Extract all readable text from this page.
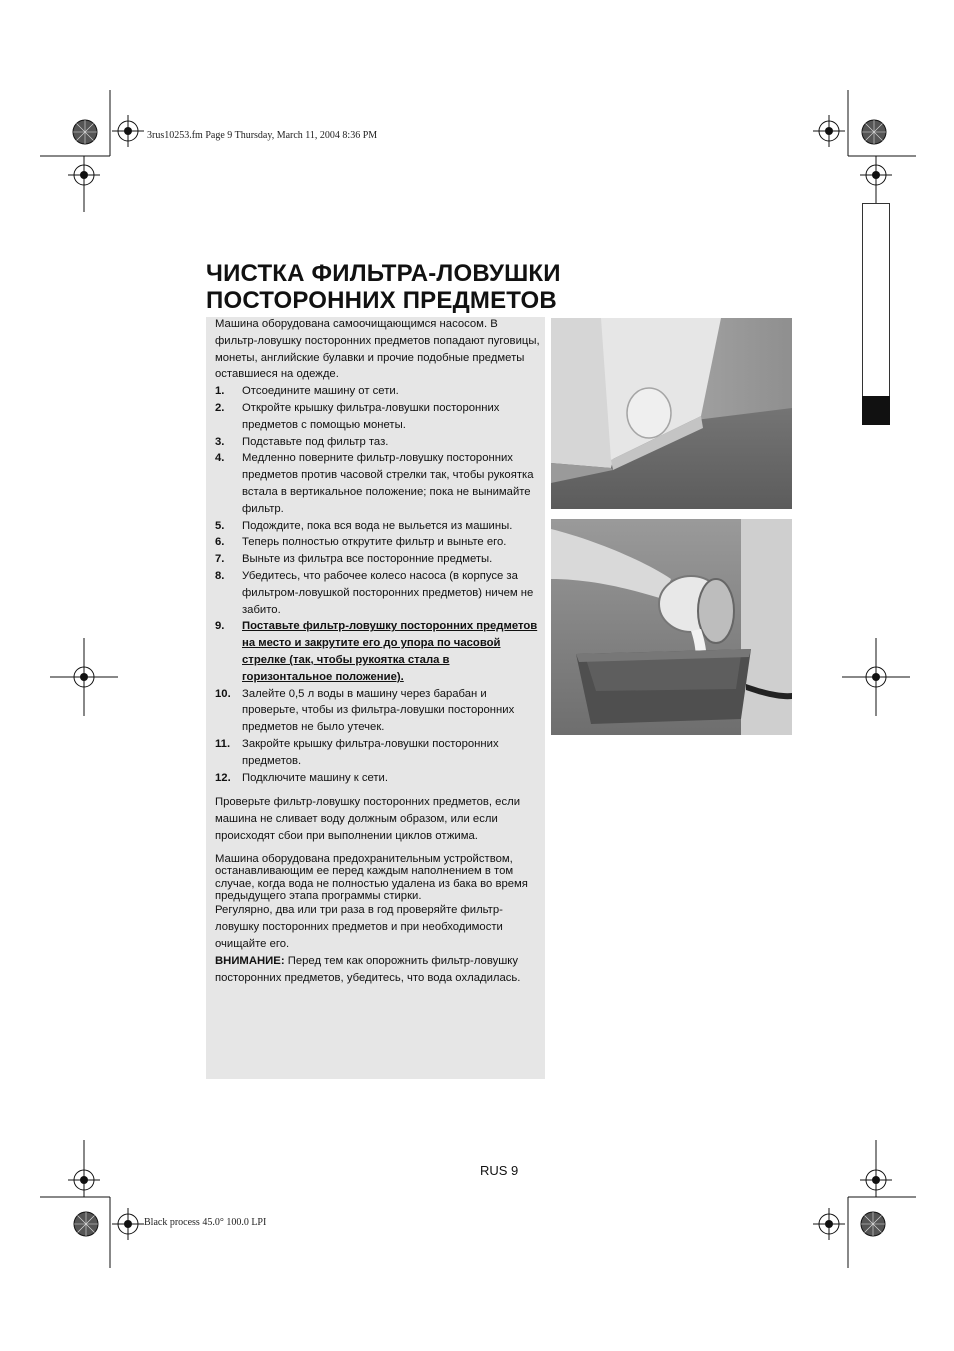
3rus10253.fm Page 9 Thursday, March 11, 2004 8:36 PM
Black process 45.0° 100.0 LPI
ЧИСТКА ФИЛЬТРА-ЛОВУШКИ
ПОСТОРОННИХ ПРЕДМЕТОВ

Машина оборудована самоочищающимся насосом. В фильтр-ловушку посторонних предметов попадают пуговицы, монеты, английские булавки и прочие подобные предметы оставшиеся на одежде.

1.	Отсоедините машину от сети.
2.	Откройте крышку фильтра-ловушки посторонних предметов с помощью монеты.
3.	Подставьте под фильтр таз.
4.	Медленно поверните фильтр-ловушку посторонних предметов против часовой стрелки так, чтобы рукоятка встала в вертикальное положение; пока не вынимайте фильтр.
5.	Подождите, пока вся вода не выльется из машины.
6.	Теперь полностью открутите фильтр и выньте его.
7.	Выньте из фильтра все посторонние предметы.
8.	Убедитесь, что рабочее колесо насоса (в корпусе за фильтром-ловушкой посторонних предметов) ничем не забито.
9.	Поставьте фильтр-ловушку посторонних предметов на место и закрутите его до упора по часовой стрелке (так, чтобы рукоятка стала в горизонтальное положение).
10. Залейте 0,5 л воды в машину через барабан и проверьте, чтобы из фильтра-ловушки посторонних предметов не было утечек.
11.	Закройте крышку фильтра-ловушки посторонних предметов.
12. Подключите машину к сети.

Проверьте фильтр-ловушку посторонних предметов, если машина не сливает воду должным образом, или если происходят сбои при выполнении циклов отжима.

Машина оборудована предохранительным устройством, останавливающим ее перед каждым наполнением в том случае, когда вода не полностью удалена из бака во время предыдущего этапа программы стирки.

Регулярно, два или три раза в год проверяйте фильтр-ловушку посторонних предметов и при необходимости очищайте его.

ВНИМАНИЕ: Перед тем как опорожнить фильтр-ловушку посторонних предметов, убедитесь, что вода охладилась.

RUS 9
